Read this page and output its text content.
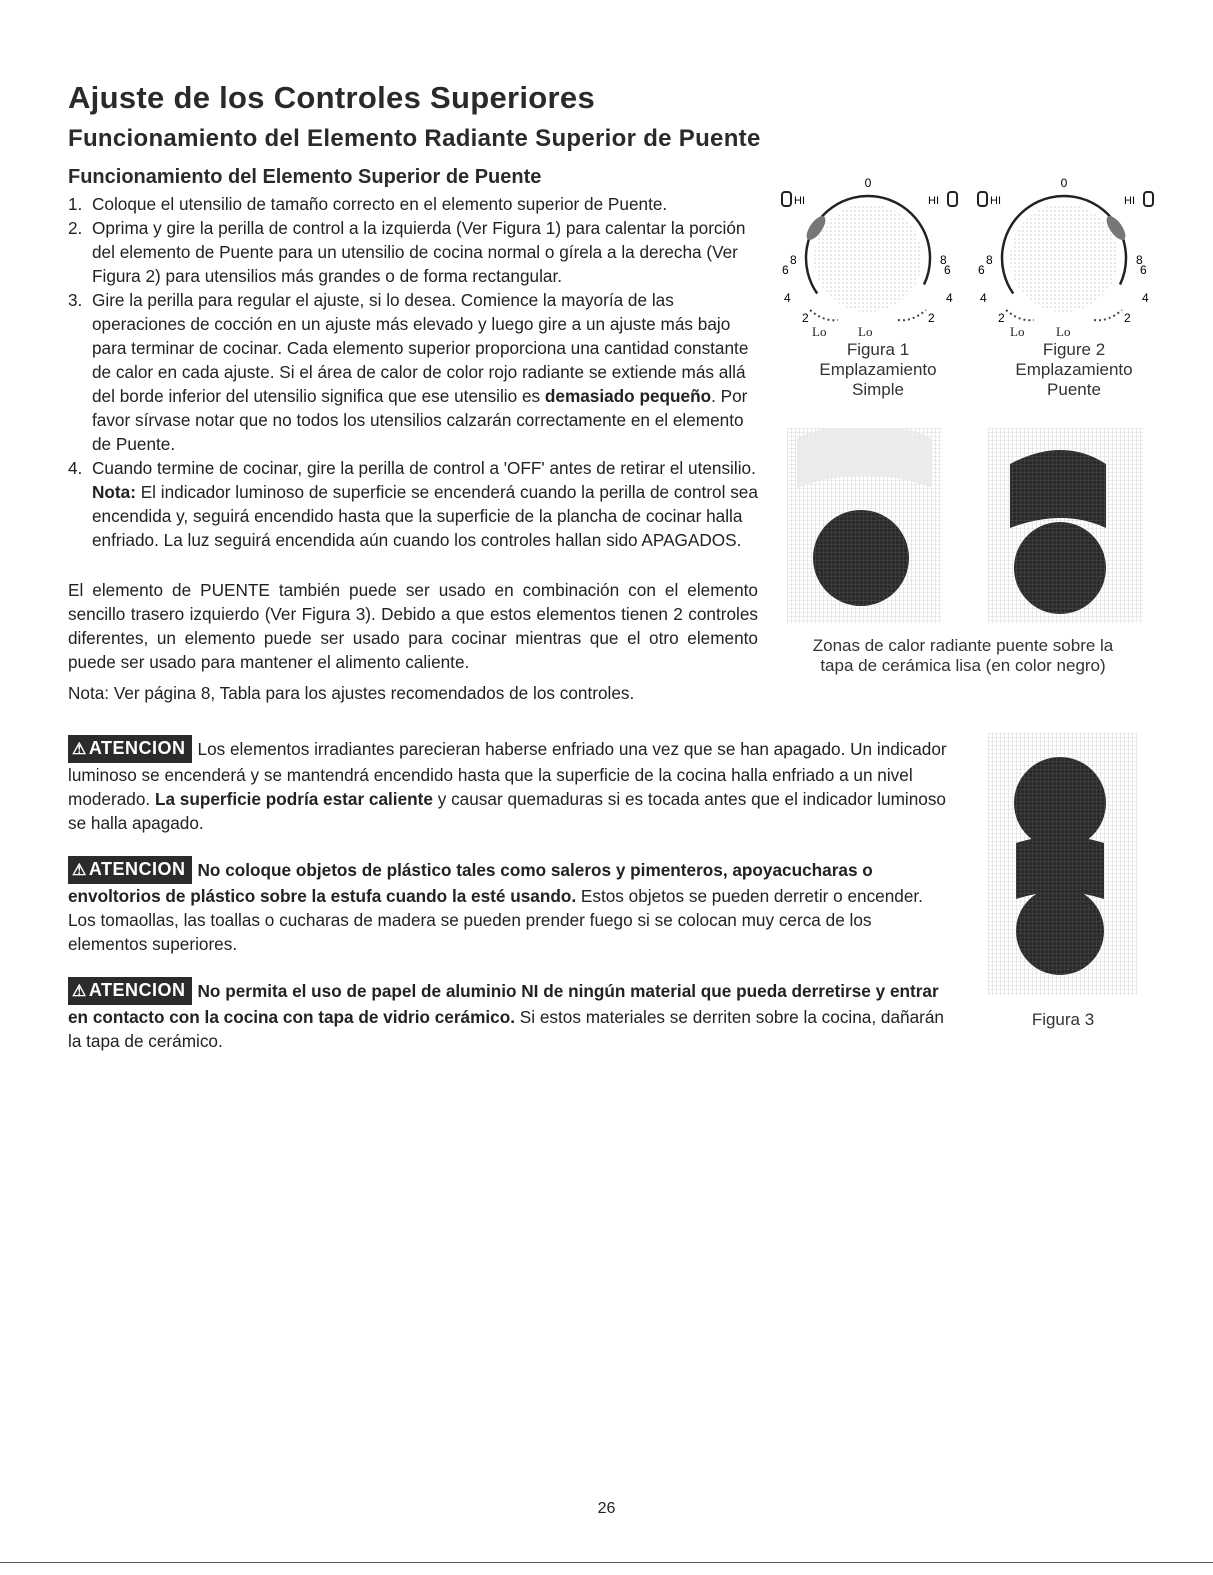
Ajuste de los Controles Superiores
Funcionamiento del Elemento Radiante Superior de Puente
Funcionamiento del Elemento Superior de Puente
1. Coloque el utensilio de tamaño correcto en el elemento superior de Puente.
2. Oprima y gire la perilla de control a la izquierda (Ver Figura 1) para calentar la porción del elemento de Puente para un utensilio de cocina normal o gírela a la derecha (Ver Figura 2) para utensilios más grandes o de forma rectangular.
3. Gire la perilla para regular el ajuste, si lo desea. Comience la mayoría de las operaciones de cocción en un ajuste más elevado y luego gire a un ajuste más bajo para terminar de cocinar. Cada elemento superior proporciona una cantidad constante de calor en cada ajuste. Si el área de calor de color rojo radiante se extiende más allá del borde inferior del utensilio significa que ese utensilio es demasiado pequeño. Por favor sírvase notar que no todos los utensilios calzarán correctamente en el elemento de Puente.
4. Cuando termine de cocinar, gire la perilla de control a 'OFF' antes de retirar el utensilio. Nota: El indicador luminoso de superficie se encenderá cuando la perilla de control sea encendida y, seguirá encendido hasta que la superficie de la plancha de cocinar halla enfriado. La luz seguirá encendida aún cuando los controles hallan sido APAGADOS.

El elemento de PUENTE también puede ser usado en combinación con el elemento sencillo trasero izquierdo (Ver Figura 3). Debido a que estos elementos tienen 2 controles diferentes, un elemento puede ser usado para cocinar mientras que el otro elemento puede ser usado para mantener el alimento caliente.

Nota: Ver página 8, Tabla para los ajustes recomendados de los controles.

⚠ ATENCION Los elementos irradiantes parecieran haberse enfriado una vez que se han apagado. Un indicador luminoso se encenderá y se mantendrá encendido hasta que la superficie de la cocina halla enfriado a un nivel moderado. La superficie podría estar caliente y causar quemaduras si es tocada antes que el indicador luminoso se halla apagado.

⚠ ATENCION No coloque objetos de plástico tales como saleros y pimenteros, apoyacucharas o envoltorios de plástico sobre la estufa cuando la esté usando. Estos objetos se pueden derretir o encender. Los tomaollas, las toallas o cucharas de madera se pueden prender fuego si se colocan muy cerca de los elementos superiores.

⚠ ATENCION No permita el uso de papel de aluminio NI de ningún material que pueda derretirse y entrar en contacto con la cocina con tapa de vidrio cerámico. Si estos materiales se derriten sobre la cocina, dañarán la tapa de cerámico.

0
HI	HI
8	8
6	6
4	4
2	2
Lo	Lo
Figura 1
Emplazamiento
Simple
0
HI	HI
8	8
6	6
4	4
2	2
Lo	Lo
Figure 2
Emplazamiento
Puente
Zonas de calor radiante puente sobre la
tapa de cerámica lisa (en color negro)
Figura 3
26
